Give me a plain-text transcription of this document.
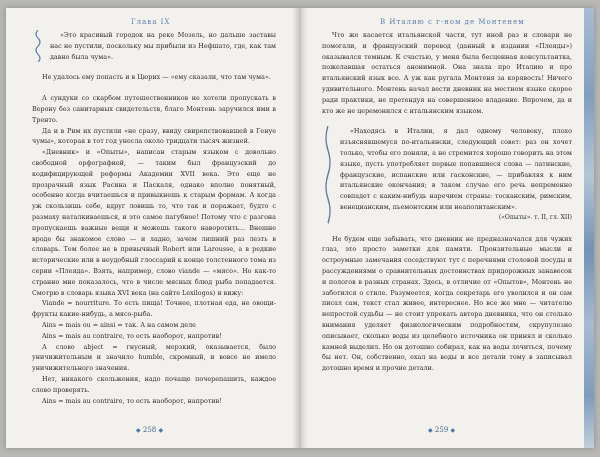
Глава IX

«Это красивый городок на реке Мозель, но дальше заставы нас не пустили, поскольку мы прибыли из Нефшато, где, как там давно была чума».

Не удалось ему попасть и в Цюрих — «ему сказали, что там чума».

А сундуки со скарбом путешественников не хотели пропускать в Верону без санитарных свидетельств, благо Монтень заручился ими в Тренто.

Да и в Рим их пустили «не сразу, ввиду свирепствовавшей в Генуе чумы», которая в тот год унесла около тридцати тысяч жизней.

«Дневник» и «Опыты», написан старым языком с довольно свободной орфографией, — таким был французский до кодифицирующей реформы Академии XVII века. Это еще не прозрачный язык Расина и Паскаля, однако вполне понятный, особенно когда вчитаешься и привыкнешь к старым формам. А когда уж скользишь себе, вдруг ловишь то, что так и поражает, будто с размаху наталкиваешься, и это самое пагубное! Потому что с разгона пропускаешь важные вещи и можешь такого наворотить... Внешне вроде бы знакомое слово — и ладно, зачем лишний раз лезть в словарь. Тем более не в привычный Robert или Larousse, а в редкие исторические или в неудобный глоссарий к конце толстенного тома из серии «Плеяда». Взять, например, слово viande — «мясо». Но как-то странно мне показалось, что в числе мясных блюд рыба попадается. Смотрю в словарь языка XVI века (на сайте Lexilogos) и вижу:

Viande = nourriture. То есть пища! Точнее, плотная еда, не овощи-фрукты какие-нибудь, а мясо-рыба.

Ains = mais ou = ainsi = так. А на самом деле

Ains = mais au contraire, то есть наоборот, напротив!

А слово abject = гнусный, мерзкий, оказывается, было уничижительным и значило humble, скромный, и вовсе не имело уничижительного значения.

Нет, никакого скольжения, надо почаще почерепашить, каждое слово проверять.

Ains = mais au contraire, то есть наоборот, напротив!

◆ 258 ◆
В Италию с г-ном де Монтенем

Что же касается итальянской части, тут иной раз и словари не помогали, и французский перевод (данный в издании «Плеяды») оказывался темным. К счастью, у меня была бесценная консультантка, пожелавшая остаться анонимной. Она знала про Италию и про итальянский язык все. А уж как ругала Монтеня за корявость! Ничего удивительного. Монтень начал вести дневник на местном языке скорее ради практики, не претендуя на совершенное владение. Впрочем, да и кто же не церемонился с итальянским языком.

«Находясь в Италии, я дал одному человеку, плохо изъяснявшемуся по-итальянски, следующий совет: раз он хочет только, чтобы его поняли, а не стремится хорошо говорить на этом языке, пусть употребляет первые попавшиеся слова — латинские, французские, испанские или гасконские, — прибавляя к ним итальянские окончания; в таком случае его речь непременно совпадет с каким-нибудь наречием страны: тосканским, римским, венецианским, пьемонтским или неаполитанским».

(«Опыты». т. II, гл. XII)

Не будем еще забывать, что дневник не предназначался для чужих глаз, это просто заметки для памяти. Пронзительные мысли и остроумные замечания соседствуют тут с перечнями столовой посуды и рассуждениями о сравнительных достоинствах придорожных занавесок и пологов в разных странах. Здесь, в отличие от «Опытов», Монтень не заботился о стиле. Разумеется, когда секретарь его уволился и он сам писал сам, текст стал живее, интереснее. Но все же мне — читателю непростой судьбы — не стоит упрекать автора дневника, что он столько внимания уделяет физиологическим подробностям, скрупулезно описывает, сколько воды из целебного источника он принял и сколько камней выделил. Но он дотошно собирал, как на воды лечиться, почему бы нет. Он, собственно, ехал на воды и все детали тому в записывал дотошно время и прочие детали.

◆ 259 ◆
